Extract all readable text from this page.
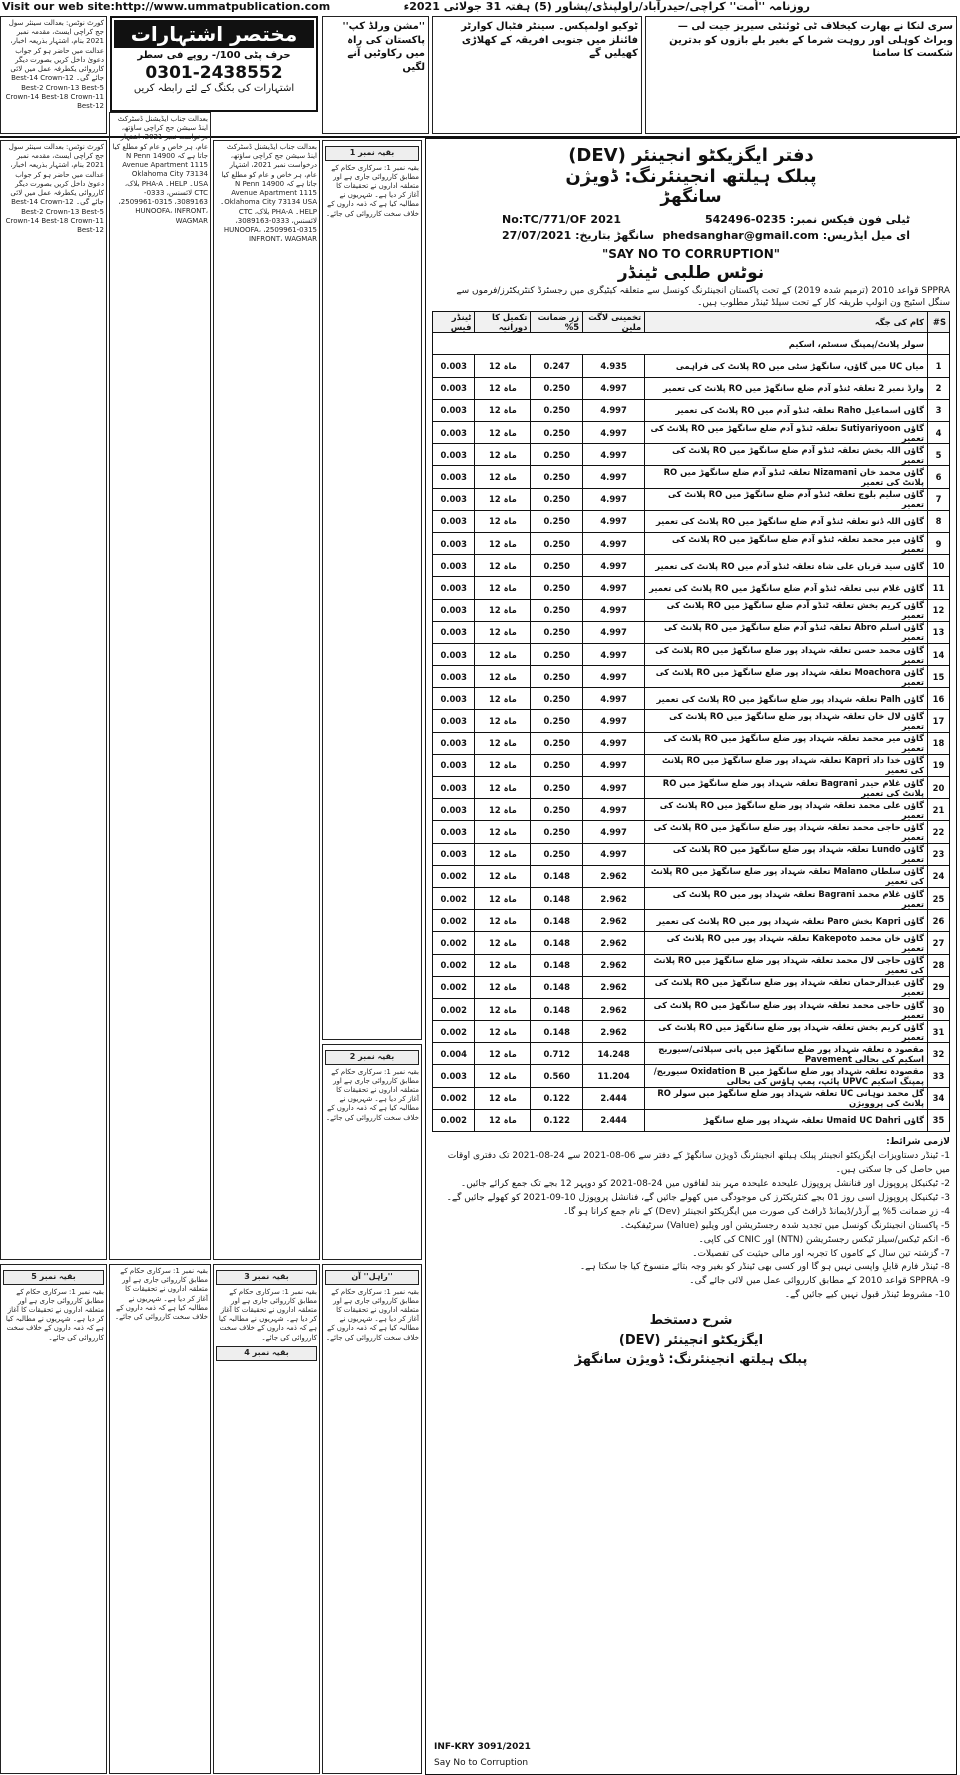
Visit our web site:http://www.ummatpublication.com	روزنامہ ''اُمت'' کراچی/حیدرآباد/راولپنڈی/پشاور (5) ہفتہ 31 جولائی 2021ء
مختصر اشتہارات
حرف پٹی 100/- روپے فی سطر
0301-2438552
اشتہارات کی بکنگ کے لئے رابطہ کریں
سری لنکا نے بھارت کیخلاف ٹی ٹوئنٹی سیریز جیت لی — ویراٹ کوہلی اور روہت شرما کے بغیر بلے بازوں کو بدترین شکست کا سامنا
ٹوکیو اولمپکس۔ سینٹر فٹبال کوارٹر فائنلز میں جنوبی افریقہ کے کھلاڑی کھیلیں گے
''مشن ورلڈ کپ'' پاکستان کی راہ میں رکاوٹیں آنے لگیں
کورٹ نوٹس: بعدالت سینئر سول جج کراچی ایسٹ، مقدمہ نمبر 2021 بنام، اشتہار بذریعہ اخبار، عدالت میں حاضر ہو کر جواب دعویٰ داخل کریں بصورت دیگر کارروائی یکطرفہ عمل میں لائی جائے گی۔ Best-14 Crown-12 Best-2 Crown-13 Best-5 Crown-14 Best-18 Crown-11 Best-12
کورٹ نوٹس: بعدالت سینئر سول جج کراچی ایسٹ، مقدمہ نمبر 2021 بنام، اشتہار بذریعہ اخبار، عدالت میں حاضر ہو کر جواب دعویٰ داخل کریں بصورت دیگر کارروائی یکطرفہ عمل میں لائی جائے گی۔ Best-14 Crown-12 Best-2 Crown-13 Best-5 Crown-14 Best-18 Crown-11 Best-12
بعدالت جناب ایڈیشنل ڈسٹرکٹ اینڈ سیشن جج کراچی ساؤتھ، درخواست نمبر 2021، اشتہار عام، ہر خاص و عام کو مطلع کیا جاتا ہے کہ 14900 N Penn Avenue Apartment 1115 Oklahoma City 73134 USA۔ HELP۔ PHA-A بلاک، CTC لائسنس، 0333-3089163، 0315-2509961، HUNOOFA، INFRONT، WAGMAR
بعدالت جناب ایڈیشنل ڈسٹرکٹ اینڈ سیشن جج کراچی ساؤتھ، درخواست نمبر 2021، اشتہار عام، ہر خاص و عام کو مطلع کیا جاتا ہے کہ 14900 N Penn Avenue Apartment 1115 Oklahoma City 73134 USA۔ HELP۔ PHA-A بلاک، CTC لائسنس، 0333-3089163، 0315-2509961، HUNOOFA، INFRONT، WAGMAR
بقیہ نمبر 1
بقیہ نمبر 1: سرکاری حکام کے مطابق کارروائی جاری ہے اور متعلقہ اداروں نے تحقیقات کا آغاز کر دیا ہے۔ شہریوں نے مطالبہ کیا ہے کہ ذمہ داروں کے خلاف سخت کارروائی کی جائے۔
بقیہ نمبر 2
بقیہ نمبر 1: سرکاری حکام کے مطابق کارروائی جاری ہے اور متعلقہ اداروں نے تحقیقات کا آغاز کر دیا ہے۔ شہریوں نے مطالبہ کیا ہے کہ ذمہ داروں کے خلاف سخت کارروائی کی جائے۔
بقیہ نمبر 5
بقیہ نمبر 1: سرکاری حکام کے مطابق کارروائی جاری ہے اور متعلقہ اداروں نے تحقیقات کا آغاز کر دیا ہے۔ شہریوں نے مطالبہ کیا ہے کہ ذمہ داروں کے خلاف سخت کارروائی کی جائے۔
بقیہ نمبر 1: سرکاری حکام کے مطابق کارروائی جاری ہے اور متعلقہ اداروں نے تحقیقات کا آغاز کر دیا ہے۔ شہریوں نے مطالبہ کیا ہے کہ ذمہ داروں کے خلاف سخت کارروائی کی جائے۔
بقیہ نمبر 3
بقیہ نمبر 1: سرکاری حکام کے مطابق کارروائی جاری ہے اور متعلقہ اداروں نے تحقیقات کا آغاز کر دیا ہے۔ شہریوں نے مطالبہ کیا ہے کہ ذمہ داروں کے خلاف سخت کارروائی کی جائے۔
بقیہ نمبر 4
''راہل'' آن
بقیہ نمبر 1: سرکاری حکام کے مطابق کارروائی جاری ہے اور متعلقہ اداروں نے تحقیقات کا آغاز کر دیا ہے۔ شہریوں نے مطالبہ کیا ہے کہ ذمہ داروں کے خلاف سخت کارروائی کی جائے۔
دفتر ایگزیکٹو انجینئر (DEV)
پبلک ہیلتھ انجینئرنگ: ڈویژن
سانگھڑ
ٹیلی فون فیکس نمبر: 0235-542496
No:TC/771/OF 2021
ای میل ایڈریس: phedsanghar@gmail.com
سانگھڑ بتاریخ: 27/07/2021
"SAY NO TO CORRUPTION"
نوٹس طلبی ٹینڈر
SPPRA قواعد 2010 (ترمیم شدہ 2019) کے تحت پاکستان انجینئرنگ کونسل سے متعلقہ کیٹیگری میں رجسٹرڈ کنٹریکٹرز/فرموں سے سنگل اسٹیج ون انولپ طریقہ کار کے تحت سیلڈ ٹینڈر مطلوب ہیں۔
S#	کام کی جگہ	تخمینی لاگت ملین	زرِ ضمانت 5%	تکمیل کا دورانیہ	ٹینڈر فیس
	سولر پلانٹ/پمپنگ سسٹم، اسکیم				
1	میاں UC میں گاؤں، سانگھڑ سٹی میں RO پلانٹ کی فراہمی	4.935	0.247	12 ماہ	0.003
2	وارڈ نمبر 2 تعلقہ ٹنڈو آدم ضلع سانگھڑ میں RO پلانٹ کی تعمیر	4.997	0.250	12 ماہ	0.003
3	گاؤں اسماعیل Raho تعلقہ ٹنڈو آدم میں RO پلانٹ کی تعمیر	4.997	0.250	12 ماہ	0.003
4	گاؤں Sutiyariyoon تعلقہ ٹنڈو آدم ضلع سانگھڑ میں RO پلانٹ کی تعمیر	4.997	0.250	12 ماہ	0.003
5	گاؤں اللہ بخش تعلقہ ٹنڈو آدم ضلع سانگھڑ میں RO پلانٹ کی تعمیر	4.997	0.250	12 ماہ	0.003
6	گاؤں محمد خان Nizamani تعلقہ ٹنڈو آدم ضلع سانگھڑ میں RO پلانٹ کی تعمیر	4.997	0.250	12 ماہ	0.003
7	گاؤں سلیم بلوچ تعلقہ ٹنڈو آدم ضلع سانگھڑ میں RO پلانٹ کی تعمیر	4.997	0.250	12 ماہ	0.003
8	گاؤں اللہ ڈنو تعلقہ ٹنڈو آدم ضلع سانگھڑ میں RO پلانٹ کی تعمیر	4.997	0.250	12 ماہ	0.003
9	گاؤں میر محمد تعلقہ ٹنڈو آدم ضلع سانگھڑ میں RO پلانٹ کی تعمیر	4.997	0.250	12 ماہ	0.003
10	گاؤں سید قربان علی شاہ تعلقہ ٹنڈو آدم میں RO پلانٹ کی تعمیر	4.997	0.250	12 ماہ	0.003
11	گاؤں غلام نبی تعلقہ ٹنڈو آدم ضلع سانگھڑ میں RO پلانٹ کی تعمیر	4.997	0.250	12 ماہ	0.003
12	گاؤں کریم بخش تعلقہ ٹنڈو آدم ضلع سانگھڑ میں RO پلانٹ کی تعمیر	4.997	0.250	12 ماہ	0.003
13	گاؤں اسلم Abro تعلقہ ٹنڈو آدم ضلع سانگھڑ میں RO پلانٹ کی تعمیر	4.997	0.250	12 ماہ	0.003
14	گاؤں محمد حسن تعلقہ شہداد پور ضلع سانگھڑ میں RO پلانٹ کی تعمیر	4.997	0.250	12 ماہ	0.003
15	گاؤں Moachora تعلقہ شہداد پور ضلع سانگھڑ میں RO پلانٹ کی تعمیر	4.997	0.250	12 ماہ	0.003
16	گاؤں Palh تعلقہ شہداد پور ضلع سانگھڑ میں RO پلانٹ کی تعمیر	4.997	0.250	12 ماہ	0.003
17	گاؤں لال خان تعلقہ شہداد پور ضلع سانگھڑ میں RO پلانٹ کی تعمیر	4.997	0.250	12 ماہ	0.003
18	گاؤں میر محمد تعلقہ شہداد پور ضلع سانگھڑ میں RO پلانٹ کی تعمیر	4.997	0.250	12 ماہ	0.003
19	گاؤں خدا داد Kapri تعلقہ شہداد پور ضلع سانگھڑ میں RO پلانٹ کی تعمیر	4.997	0.250	12 ماہ	0.003
20	گاؤں غلام حیدر Bagrani تعلقہ شہداد پور ضلع سانگھڑ میں RO پلانٹ کی تعمیر	4.997	0.250	12 ماہ	0.003
21	گاؤں علی محمد تعلقہ شہداد پور ضلع سانگھڑ میں RO پلانٹ کی تعمیر	4.997	0.250	12 ماہ	0.003
22	گاؤں حاجی محمد تعلقہ شہداد پور ضلع سانگھڑ میں RO پلانٹ کی تعمیر	4.997	0.250	12 ماہ	0.003
23	گاؤں Lundo تعلقہ شہداد پور ضلع سانگھڑ میں RO پلانٹ کی تعمیر	4.997	0.250	12 ماہ	0.003
24	گاؤں سلطان Malano تعلقہ شہداد پور ضلع سانگھڑ میں RO پلانٹ کی تعمیر	2.962	0.148	12 ماہ	0.002
25	گاؤں غلام محمد Bagrani تعلقہ شہداد پور میں RO پلانٹ کی تعمیر	2.962	0.148	12 ماہ	0.002
26	گاؤں Kapri بخش Paro تعلقہ شہداد پور میں RO پلانٹ کی تعمیر	2.962	0.148	12 ماہ	0.002
27	گاؤں خان محمد Kakepoto تعلقہ شہداد پور میں RO پلانٹ کی تعمیر	2.962	0.148	12 ماہ	0.002
28	گاؤں حاجی لال محمد تعلقہ شہداد پور ضلع سانگھڑ میں RO پلانٹ کی تعمیر	2.962	0.148	12 ماہ	0.002
29	گاؤں عبدالرحمان تعلقہ شہداد پور ضلع سانگھڑ میں RO پلانٹ کی تعمیر	2.962	0.148	12 ماہ	0.002
30	گاؤں حاجی محمد تعلقہ شہداد پور ضلع سانگھڑ میں RO پلانٹ کی تعمیر	2.962	0.148	12 ماہ	0.002
31	گاؤں کریم بخش تعلقہ شہداد پور ضلع سانگھڑ میں RO پلانٹ کی تعمیر	2.962	0.148	12 ماہ	0.002
32	مقصود ہ تعلقہ شہداد پور ضلع سانگھڑ میں پانی سپلائی/سیوریج اسکیم کی بحالی Pavement	14.248	0.712	12 ماہ	0.004
33	مقصودہ تعلقہ شہداد پور ضلع سانگھڑ میں Oxidation B سیوریج/پمپنگ اسکیم UPVC پائپ، پمپ ہاؤس کی بحالی	11.204	0.560	12 ماہ	0.003
34	گل محمد نوہانی UC تعلقہ شہداد پور ضلع سانگھڑ میں سولر RO پلانٹ کی پروویژن	2.444	0.122	12 ماہ	0.002
35	گاؤں Umaid UC Dahri تعلقہ شہداد پور ضلع سانگھڑ	2.444	0.122	12 ماہ	0.002

لازمی شرائط:

1- ٹینڈر دستاویزات ایگزیکٹو انجینئر پبلک ہیلتھ انجینئرنگ ڈویژن سانگھڑ کے دفتر سے 06-08-2021 سے 24-08-2021 تک دفتری اوقات میں حاصل کی جا سکتی ہیں۔

2- ٹیکنیکل پروپوزل اور فنانشل پروپوزل علیحدہ علیحدہ مہر بند لفافوں میں 24-08-2021 کو دوپہر 12 بجے تک جمع کرائے جائیں۔

3- ٹیکنیکل پروپوزل اسی روز 01 بجے کنٹریکٹرز کی موجودگی میں کھولے جائیں گے، فنانشل پروپوزل 10-09-2021 کو کھولے جائیں گے۔

4- زرِ ضمانت 5% پے آرڈر/ڈیمانڈ ڈرافٹ کی صورت میں ایگزیکٹو انجینئر (Dev) کے نام جمع کرانا ہو گا۔

5- پاکستان انجینئرنگ کونسل میں تجدید شدہ رجسٹریشن اور ویلیو (Value) سرٹیفکیٹ۔

6- انکم ٹیکس/سیلز ٹیکس رجسٹریشن (NTN) اور CNIC کی کاپی۔

7- گزشتہ تین سال کے کاموں کا تجربہ اور مالی حیثیت کی تفصیلات۔

8- ٹینڈر فارم قابلِ واپسی نہیں ہو گا اور کسی بھی ٹینڈر کو بغیر وجہ بتائے منسوخ کیا جا سکتا ہے۔

9- SPPRA قواعد 2010 کے مطابق کارروائی عمل میں لائی جائے گی۔

10- مشروط ٹینڈر قبول نہیں کیے جائیں گے۔

شرح دستخط
ایگزیکٹو انجینئر (DEV)
پبلک ہیلتھ انجینئرنگ: ڈویژن سانگھڑ
INF-KRY 3091/2021
Say No to Corruption
